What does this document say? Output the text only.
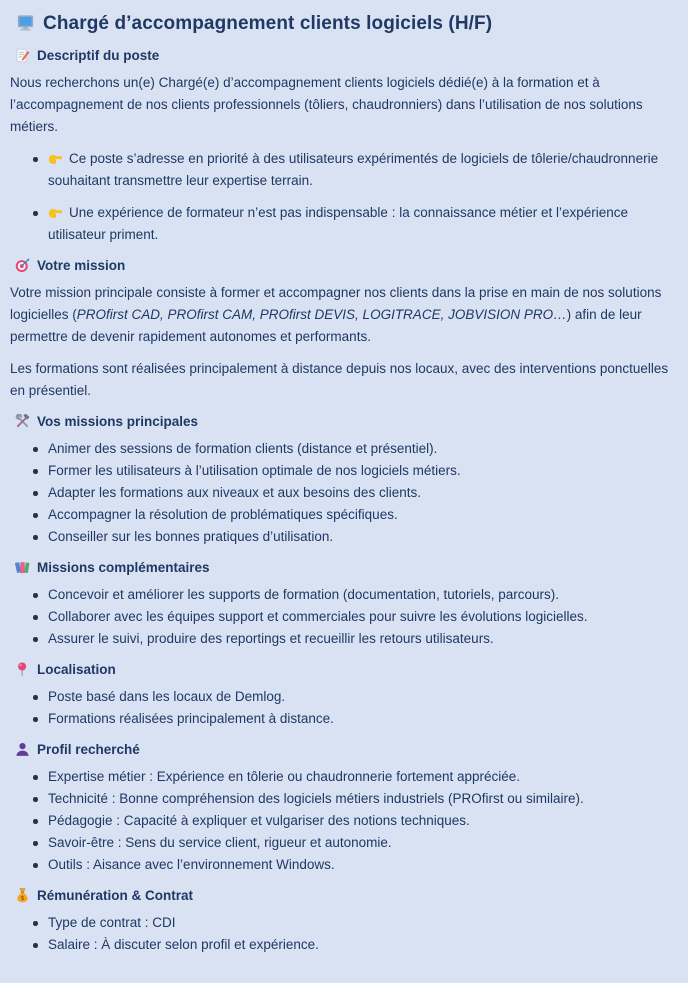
Chargé d’accompagnement clients logiciels (H/F)
Descriptif du poste

Nous recherchons un(e) Chargé(e) d’accompagnement clients logiciels dédié(e) à la formation et à l’accompagnement de nos clients professionnels (tôliers, chaudronniers) dans l’utilisation de nos solutions métiers.

Ce poste s’adresse en priorité à des utilisateurs expérimentés de logiciels de tôlerie/chaudronnerie souhaitant transmettre leur expertise terrain.
Une expérience de formateur n’est pas indispensable : la connaissance métier et l’expérience utilisateur priment.
Votre mission

Votre mission principale consiste à former et accompagner nos clients dans la prise en main de nos solutions logicielles (PROfirst CAD, PROfirst CAM, PROfirst DEVIS, LOGITRACE, JOBVISION PRO…) afin de leur permettre de devenir rapidement autonomes et performants.

Les formations sont réalisées principalement à distance depuis nos locaux, avec des interventions ponctuelles en présentiel.

Vos missions principales
Animer des sessions de formation clients (distance et présentiel).
Former les utilisateurs à l’utilisation optimale de nos logiciels métiers.
Adapter les formations aux niveaux et aux besoins des clients.
Accompagner la résolution de problématiques spécifiques.
Conseiller sur les bonnes pratiques d’utilisation.
Missions complémentaires
Concevoir et améliorer les supports de formation (documentation, tutoriels, parcours).
Collaborer avec les équipes support et commerciales pour suivre les évolutions logicielles.
Assurer le suivi, produire des reportings et recueillir les retours utilisateurs.
Localisation
Poste basé dans les locaux de Demlog.
Formations réalisées principalement à distance.
Profil recherché
Expertise métier : Expérience en tôlerie ou chaudronnerie fortement appréciée.
Technicité : Bonne compréhension des logiciels métiers industriels (PROfirst ou similaire).
Pédagogie : Capacité à expliquer et vulgariser des notions techniques.
Savoir-être : Sens du service client, rigueur et autonomie.
Outils : Aisance avec l’environnement Windows.
$ Rémunération & Contrat
Type de contrat : CDI
Salaire : À discuter selon profil et expérience.
